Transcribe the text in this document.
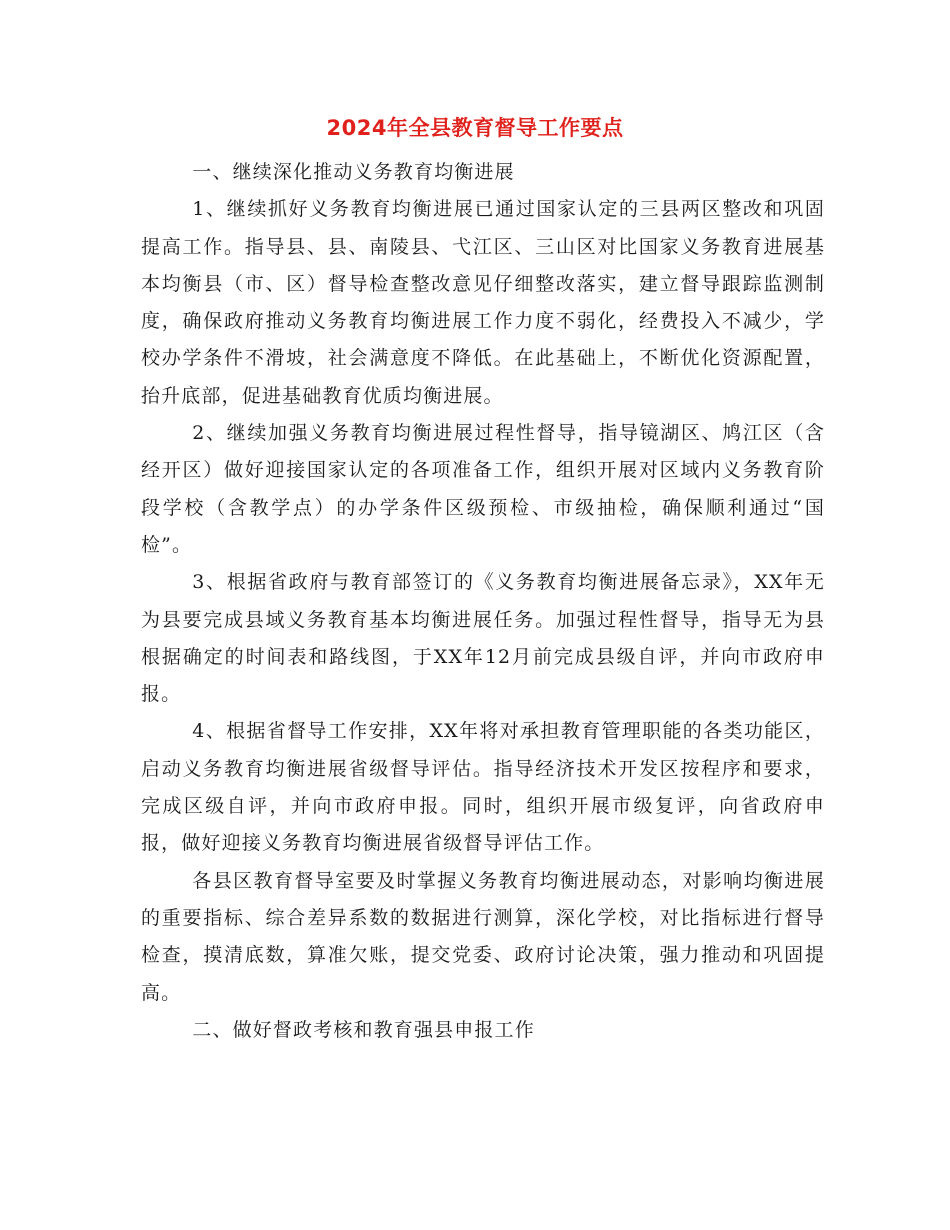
2024年全县教育督导工作要点

一、继续深化推动义务教育均衡进展

1、继续抓好义务教育均衡进展已通过国家认定的三县两区整改和巩固提高工作。指导县、县、南陵县、弋江区、三山区对比国家义务教育进展基本均衡县（市、区）督导检查整改意见仔细整改落实，建立督导跟踪监测制度，确保政府推动义务教育均衡进展工作力度不弱化，经费投入不减少，学校办学条件不滑坡，社会满意度不降低。在此基础上，不断优化资源配置，抬升底部，促进基础教育优质均衡进展。

2、继续加强义务教育均衡进展过程性督导，指导镜湖区、鸠江区（含经开区）做好迎接国家认定的各项准备工作，组织开展对区域内义务教育阶段学校（含教学点）的办学条件区级预检、市级抽检，确保顺利通过“国检”。

3、根据省政府与教育部签订的《义务教育均衡进展备忘录》，XX年无为县要完成县域义务教育基本均衡进展任务。加强过程性督导，指导无为县根据确定的时间表和路线图，于XX年12月前完成县级自评，并向市政府申报。

4、根据省督导工作安排，XX年将对承担教育管理职能的各类功能区，启动义务教育均衡进展省级督导评估。指导经济技术开发区按程序和要求，完成区级自评，并向市政府申报。同时，组织开展市级复评，向省政府申报，做好迎接义务教育均衡进展省级督导评估工作。

各县区教育督导室要及时掌握义务教育均衡进展动态，对影响均衡进展的重要指标、综合差异系数的数据进行测算，深化学校，对比指标进行督导检查，摸清底数，算准欠账，提交党委、政府讨论决策，强力推动和巩固提高。

二、做好督政考核和教育强县申报工作
